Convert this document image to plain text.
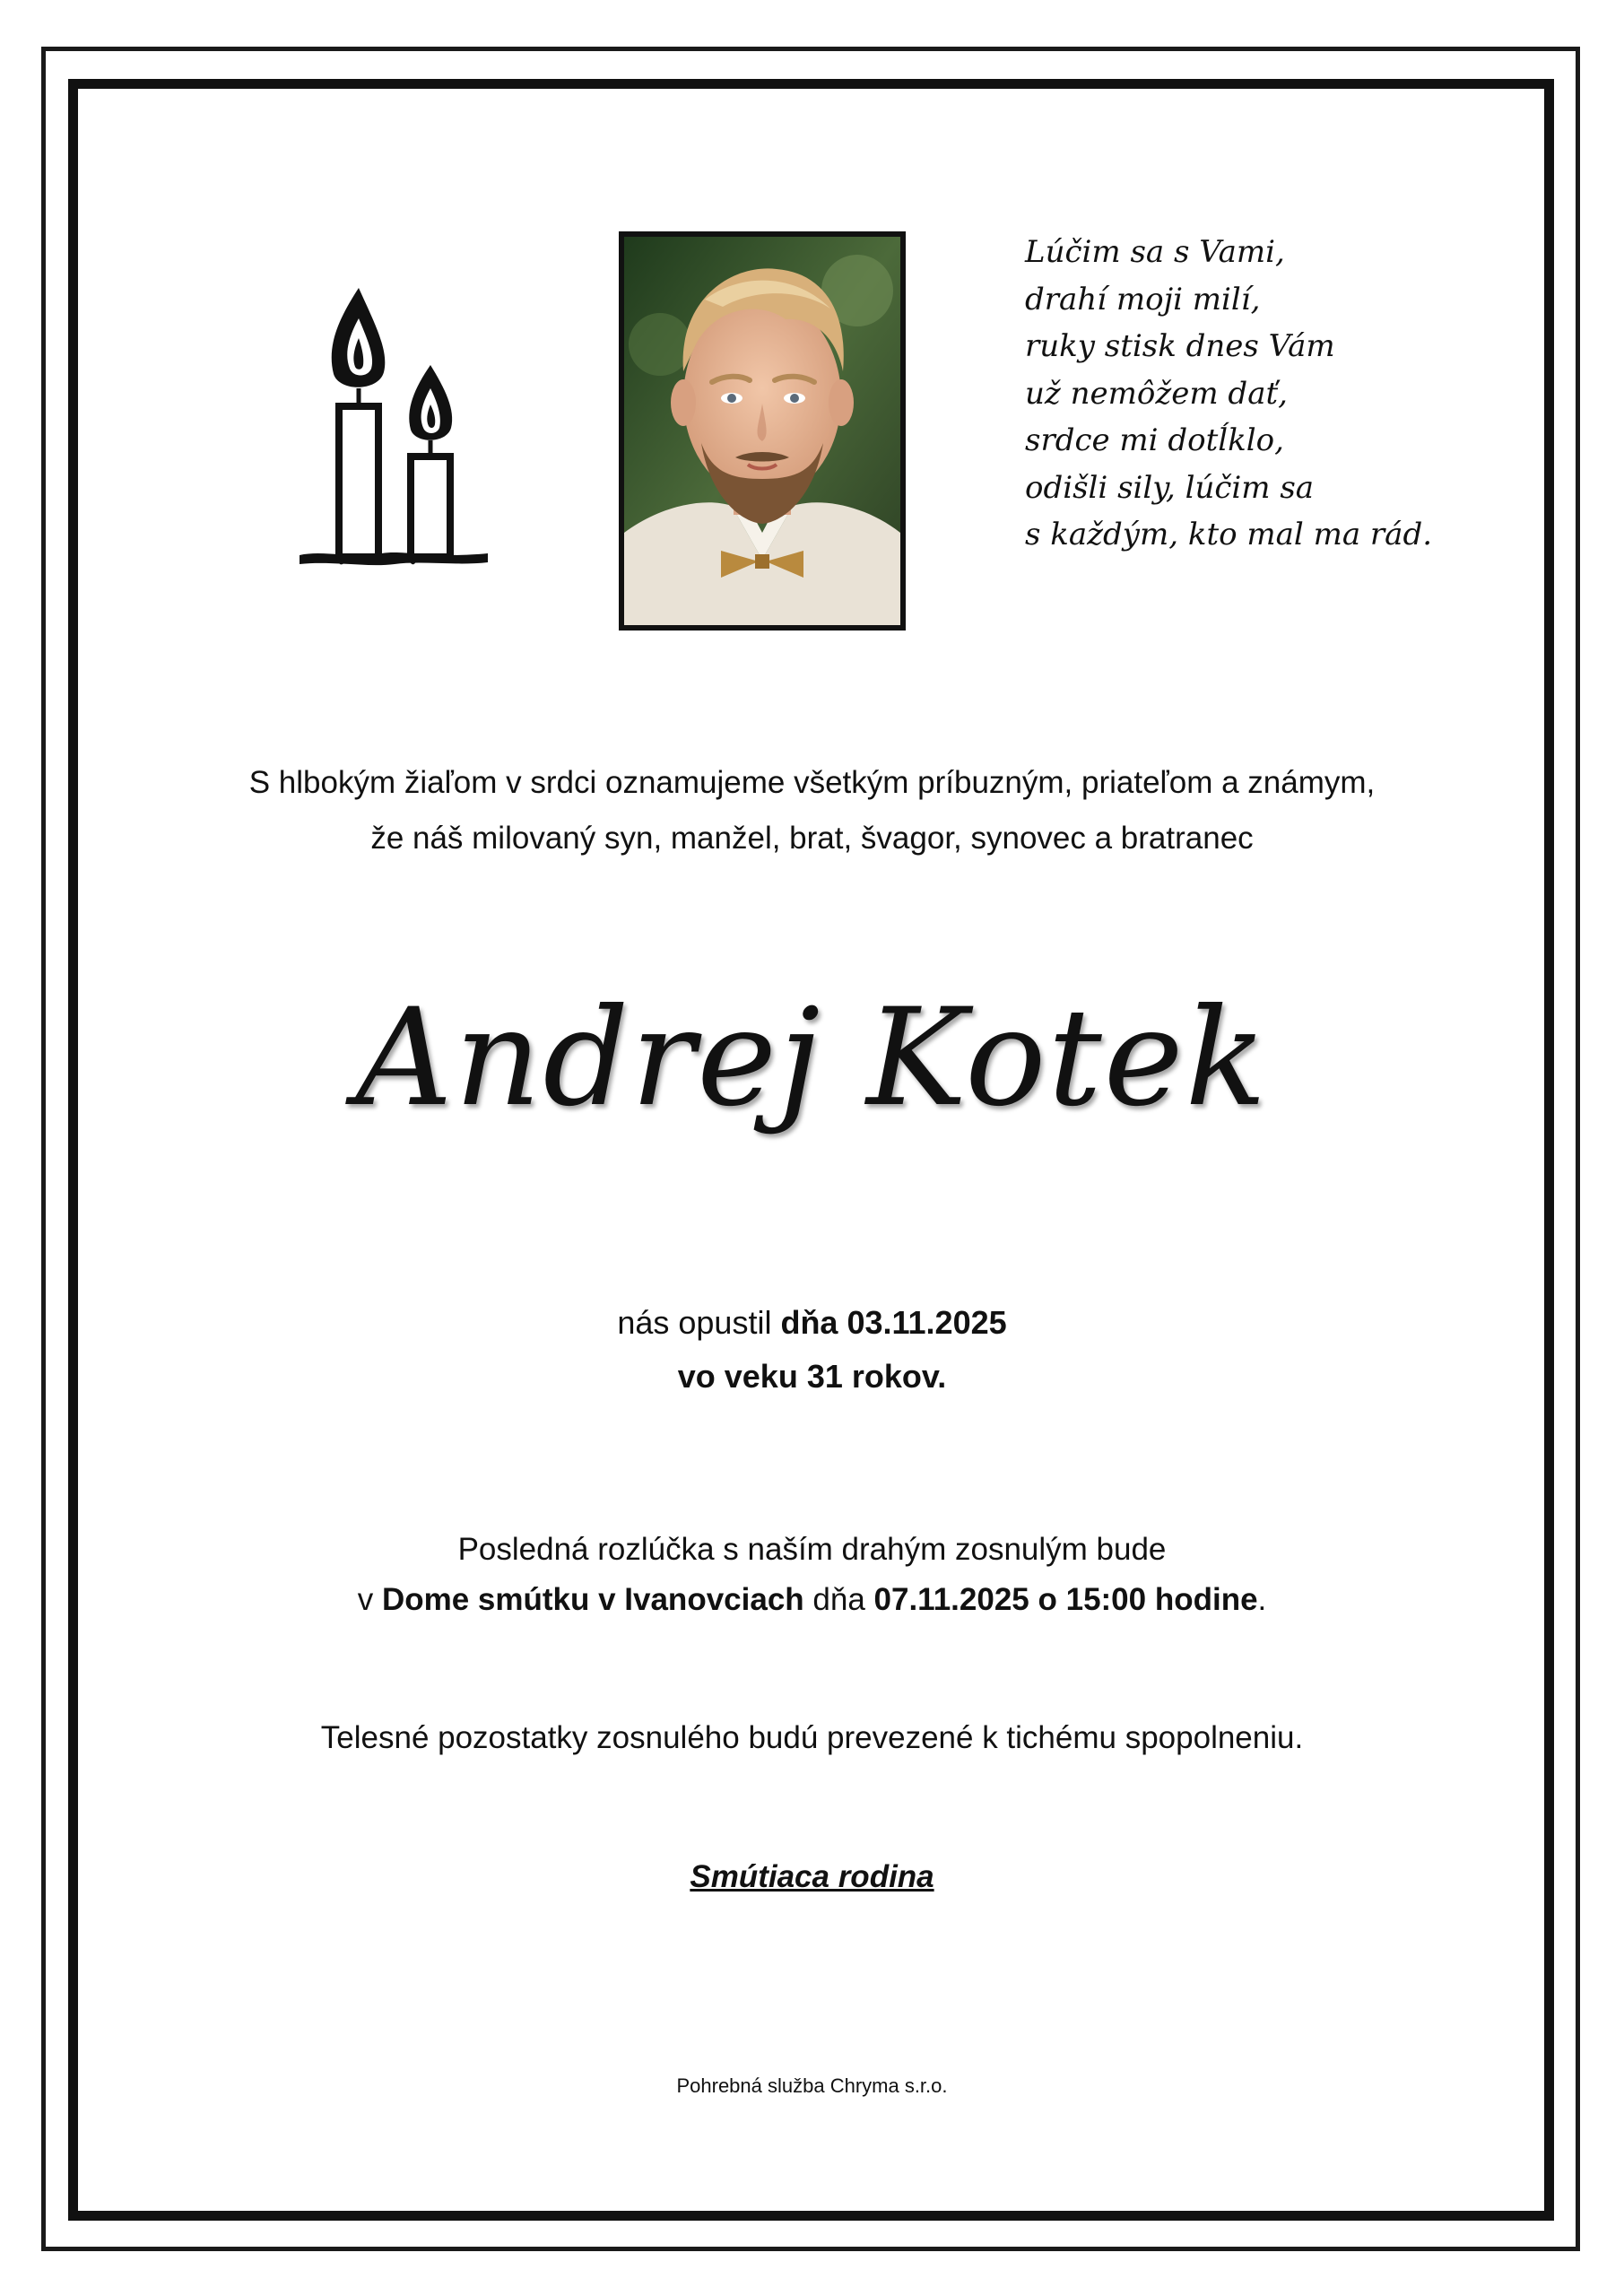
Lúčim sa s Vami,
drahí moji milí,
ruky stisk dnes Vám
už nemôžem dať,
srdce mi dotĺklo,
odišli sily, lúčim sa
s každým, kto mal ma rád.
S hlbokým žiaľom v srdci oznamujeme všetkým príbuzným, priateľom a známym,
že náš milovaný syn, manžel, brat, švagor, synovec a bratranec
Andrej Kotek
nás opustil dňa 03.11.2025
vo veku 31 rokov.
Posledná rozlúčka s naším drahým zosnulým bude
v Dome smútku v Ivanovciach dňa 07.11.2025 o 15:00 hodine.
Telesné pozostatky zosnulého budú prevezené k tichému spopolneniu.
Smútiaca rodina
Pohrebná služba Chryma s.r.o.
